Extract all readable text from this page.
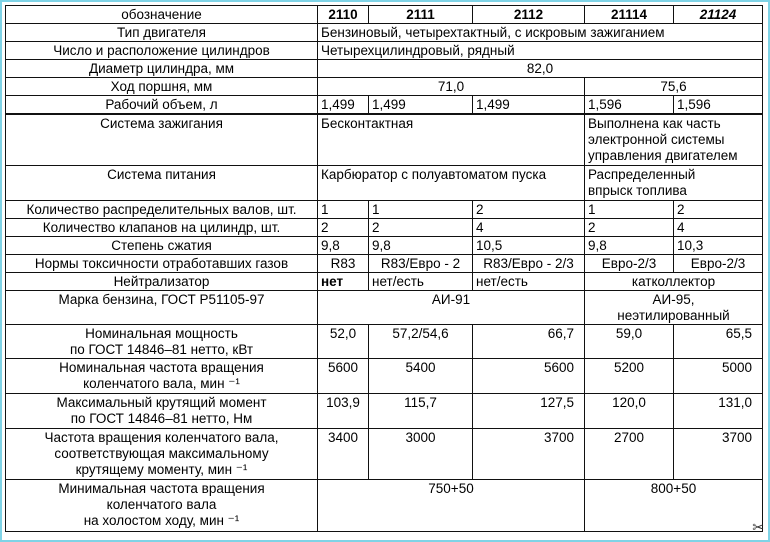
обозначение	2110	2111	2112	21114	21124
Тип двигателя	Бензиновый, четырехтактный, с искровым зажиганием				
Число и расположение цилиндров	Четырехцилиндровый, рядный				
Диаметр цилиндра, мм	82,0				
Ход поршня, мм	71,0			75,6	
Рабочий объем, л	1,499	1,499	1,499	1,596	1,596
Система зажигания	Бесконтактная			Выполнена как часть
электронной системы
управления двигателем	
Система питания	Карбюратор с полуавтоматом пуска			Распределенный
впрыск топлива	
Количество распределительных валов, шт.	1	1	2	1	2
Количество клапанов на цилиндр, шт.	2	2	4	2	4
Степень сжатия	9,8	9,8	10,5	9,8	10,3
Нормы токсичности отработавших газов	R83	R83/Евро - 2	R83/Евро - 2/3	Евро-2/3	Евро-2/3
Нейтрализатор	нет	нет/есть	нет/есть	катколлектор	
Марка бензина, ГОСТ Р51105-97	АИ-91			АИ-95,
неэтилированный	
Номинальная мощность
по ГОСТ 14846–81 нетто, кВт	52,0	57,2/54,6	66,7	59,0	65,5
Номинальная частота вращения
коленчатого вала, мин ⁻¹	5600	5400	5600	5200	5000
Максимальный крутящий момент
по ГОСТ 14846–81 нетто, Нм	103,9	115,7	127,5	120,0	131,0
Частота вращения коленчатого вала,
соответствующая максимальному
крутящему моменту, мин ⁻¹	3400	3000	3700	2700	3700
Минимальная частота вращения
коленчатого вала
на холостом ходу, мин ⁻¹	750+50			800+50	
✂
